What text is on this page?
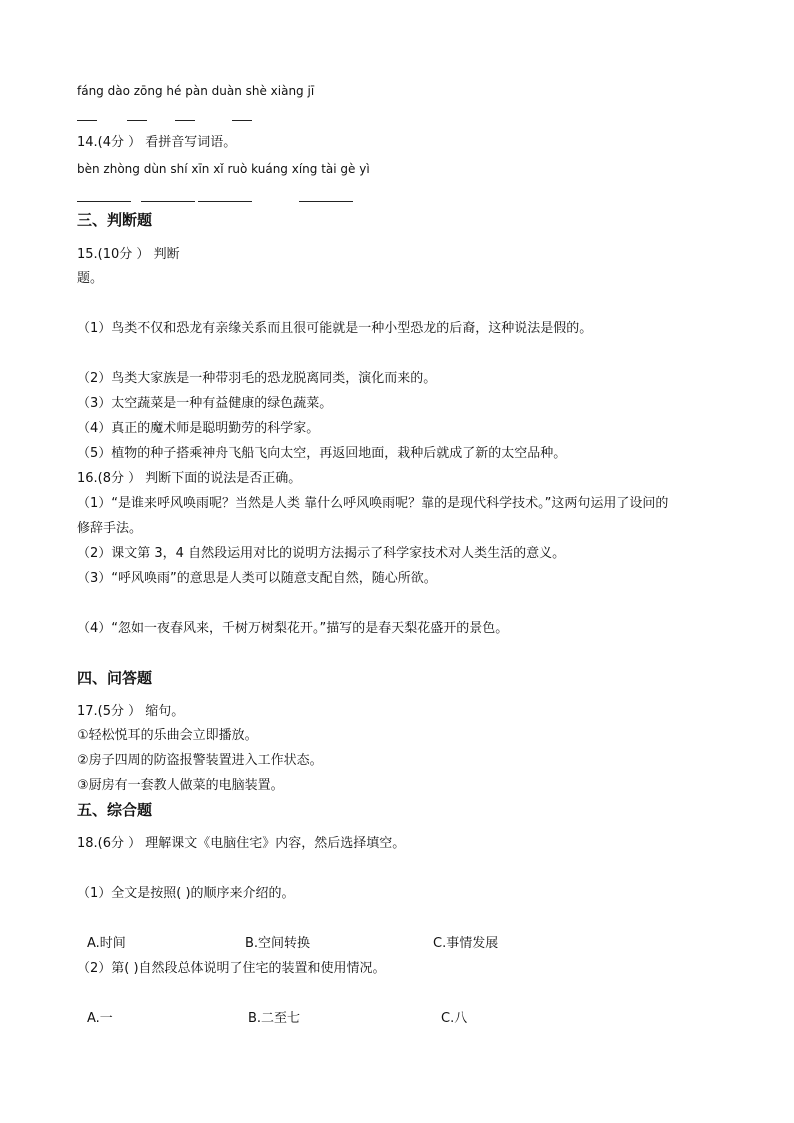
fáng dào zōng hé pàn duàn shè xiàng jī
14.(4分 ） 看拼音写词语。
bèn zhòng dùn shí xīn xǐ ruò kuáng xíng tài gè yì
三、判断题
15.(10分 ） 判断
题。
（1）鸟类不仅和恐龙有亲缘关系而且很可能就是一种小型恐龙的后裔，这种说法是假的。
（2）鸟类大家族是一种带羽毛的恐龙脱离同类，演化而来的。
（3）太空蔬菜是一种有益健康的绿色蔬菜。
（4）真正的魔术师是聪明勤劳的科学家。
（5）植物的种子搭乘神舟飞船飞向太空，再返回地面，栽种后就成了新的太空品种。
16.(8分 ） 判断下面的说法是否正确。
（1）“是谁来呼风唤雨呢？当然是人类 靠什么呼风唤雨呢？靠的是现代科学技术。”这两句运用了设问的
修辞手法。
（2）课文第 3，4 自然段运用对比的说明方法揭示了科学家技术对人类生活的意义。
（3）“呼风唤雨”的意思是人类可以随意支配自然，随心所欲。
（4）“忽如一夜春风来，千树万树梨花开。”描写的是春天梨花盛开的景色。
四、问答题
17.(5分 ） 缩句。
①轻松悦耳的乐曲会立即播放。
②房子四周的防盗报警装置进入工作状态。
③厨房有一套教人做菜的电脑装置。
五、综合题
18.(6分 ） 理解课文《电脑住宅》内容，然后选择填空。
（1）全文是按照( )的顺序来介绍的。
A.时间	B.空间转换	C.事情发展
（2）第( )自然段总体说明了住宅的装置和使用情况。
A.一	B.二至七	C.八
